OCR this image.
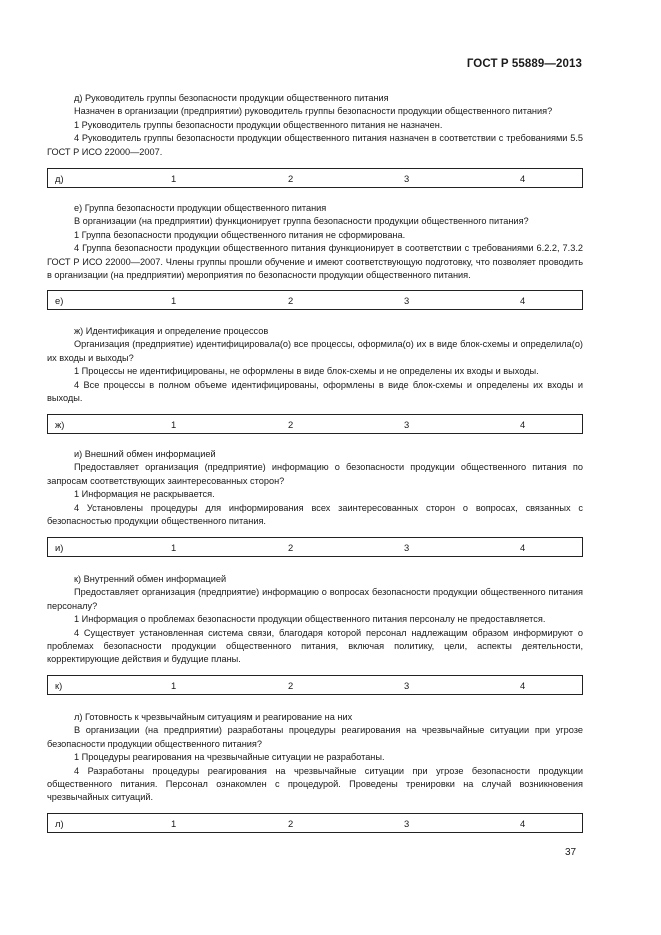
ГОСТ Р 55889—2013

д) Руководитель группы безопасности продукции общественного питания

Назначен в организации (предприятии) руководитель группы безопасности продукции общественного питания?

1 Руководитель группы безопасности продукции общественного питания не назначен.

4 Руководитель группы безопасности продукции общественного питания назначен в соответствии с требованиями 5.5 ГОСТ Р ИСО 22000—2007.

д)	1	2	3	4

е) Группа безопасности продукции общественного питания

В организации (на предприятии) функционирует группа безопасности продукции общественного питания?

1 Группа безопасности продукции общественного питания не сформирована.

4 Группа безопасности продукции общественного питания функционирует в соответствии с требованиями 6.2.2, 7.3.2 ГОСТ Р ИСО 22000—2007. Члены группы прошли обучение и имеют соответствующую подготовку, что позволяет проводить в организации (на предприятии) мероприятия по безопасности продукции общественного питания.

е)	1	2	3	4

ж) Идентификация и определение процессов

Организация (предприятие) идентифицировала(о) все процессы, оформила(о) их в виде блок-схемы и определила(о) их входы и выходы?

1 Процессы не идентифицированы, не оформлены в виде блок-схемы и не определены их входы и выходы.

4 Все процессы в полном объеме идентифицированы, оформлены в виде блок-схемы и определены их входы и выходы.

ж)	1	2	3	4

и) Внешний обмен информацией

Предоставляет организация (предприятие) информацию о безопасности продукции общественного питания по запросам соответствующих заинтересованных сторон?

1 Информация не раскрывается.

4 Установлены процедуры для информирования всех заинтересованных сторон о вопросах, связанных с безопасностью продукции общественного питания.

и)	1	2	3	4

к) Внутренний обмен информацией

Предоставляет организация (предприятие) информацию о вопросах безопасности продукции общественного питания персоналу?

1 Информация о проблемах безопасности продукции общественного питания персоналу не предоставляется.

4 Существует установленная система связи, благодаря которой персонал надлежащим образом информируют о проблемах безопасности продукции общественного питания, включая политику, цели, аспекты деятельности, корректирующие действия и будущие планы.

к)	1	2	3	4

л) Готовность к чрезвычайным ситуациям и реагирование на них

В организации (на предприятии) разработаны процедуры реагирования на чрезвычайные ситуации при угрозе безопасности продукции общественного питания?

1 Процедуры реагирования на чрезвычайные ситуации не разработаны.

4 Разработаны процедуры реагирования на чрезвычайные ситуации при угрозе безопасности продукции общественного питания. Персонал ознакомлен с процедурой. Проведены тренировки на случай возникновения чрезвычайных ситуаций.

л)	1	2	3	4
37
